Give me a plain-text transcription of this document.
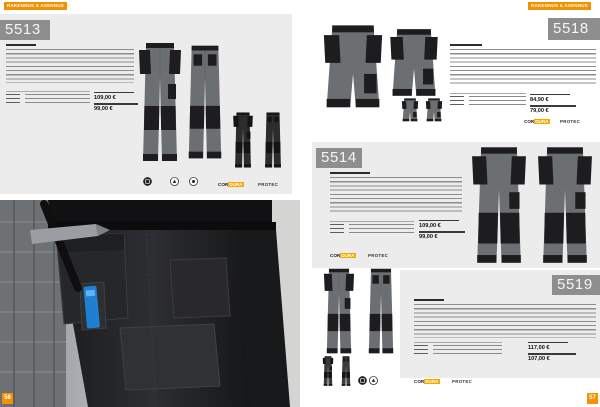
RAKENNUS & ASENNUS
5513
109,00 €
99,00 €
CORDURA	PROTEC
56
RAKENNUS & ASENNUS
5518
84,90 €
79,00 €
CORDURA	PROTEC
5514
109,00 €
99,00 €
CORDURA	PROTEC
5519
117,00 €
107,00 €
CORDURA	PROTEC
57
